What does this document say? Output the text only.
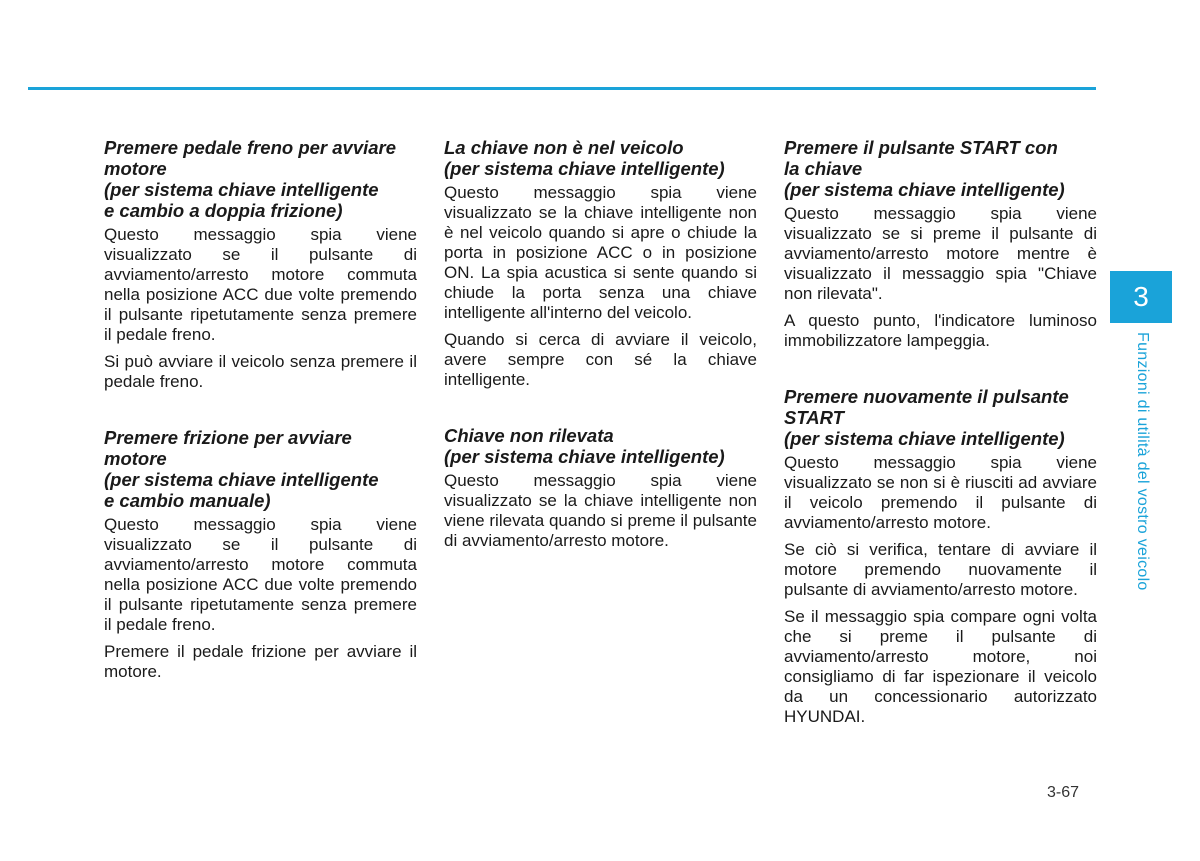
Premere pedale freno per avviare
motore
(per sistema chiave intelligente
e cambio a doppia frizione)
Questo messaggio spia viene visualizzato se il pulsante di avviamento/arresto motore commuta nella posizione ACC due volte premendo il pulsante ripetutamente senza premere il pedale freno.
Si può avviare il veicolo senza premere il pedale freno.
Premere frizione per avviare
motore
(per sistema chiave intelligente
e cambio manuale)
Questo messaggio spia viene visualizzato se il pulsante di avviamento/arresto motore commuta nella posizione ACC due volte premendo il pulsante ripetutamente senza premere il pedale freno.
Premere il pedale frizione per avviare il motore.
La chiave non è nel veicolo
(per sistema chiave intelligente)
Questo messaggio spia viene visualizzato se la chiave intelligente non è nel veicolo quando si apre o chiude la porta in posizione ACC o in posizione ON. La spia acustica si sente quando si chiude la porta senza una chiave intelligente all'interno del veicolo.
Quando si cerca di avviare il veicolo, avere sempre con sé la chiave intelligente.
Chiave non rilevata
(per sistema chiave intelligente)
Questo messaggio spia viene visualizzato se la chiave intelligente non viene rilevata quando si preme il pulsante di avviamento/arresto motore.
Premere il pulsante START con
la chiave
(per sistema chiave intelligente)
Questo messaggio spia viene visualizzato se si preme il pulsante di avviamento/arresto motore mentre è visualizzato il messaggio spia "Chiave non rilevata".
A questo punto, l'indicatore luminoso immobilizzatore lampeggia.
Premere nuovamente il pulsante
START
(per sistema chiave intelligente)
Questo messaggio spia viene visualizzato se non si è riusciti ad avviare il veicolo premendo il pulsante di avviamento/arresto motore.
Se ciò si verifica, tentare di avviare il motore premendo nuovamente il pulsante di avviamento/arresto motore.
Se il messaggio spia compare ogni volta che si preme il pulsante di avviamento/arresto motore, noi consigliamo di far ispezionare il veicolo da un concessionario autorizzato HYUNDAI.
3
Funzioni di utilità del vostro veicolo
3-67
